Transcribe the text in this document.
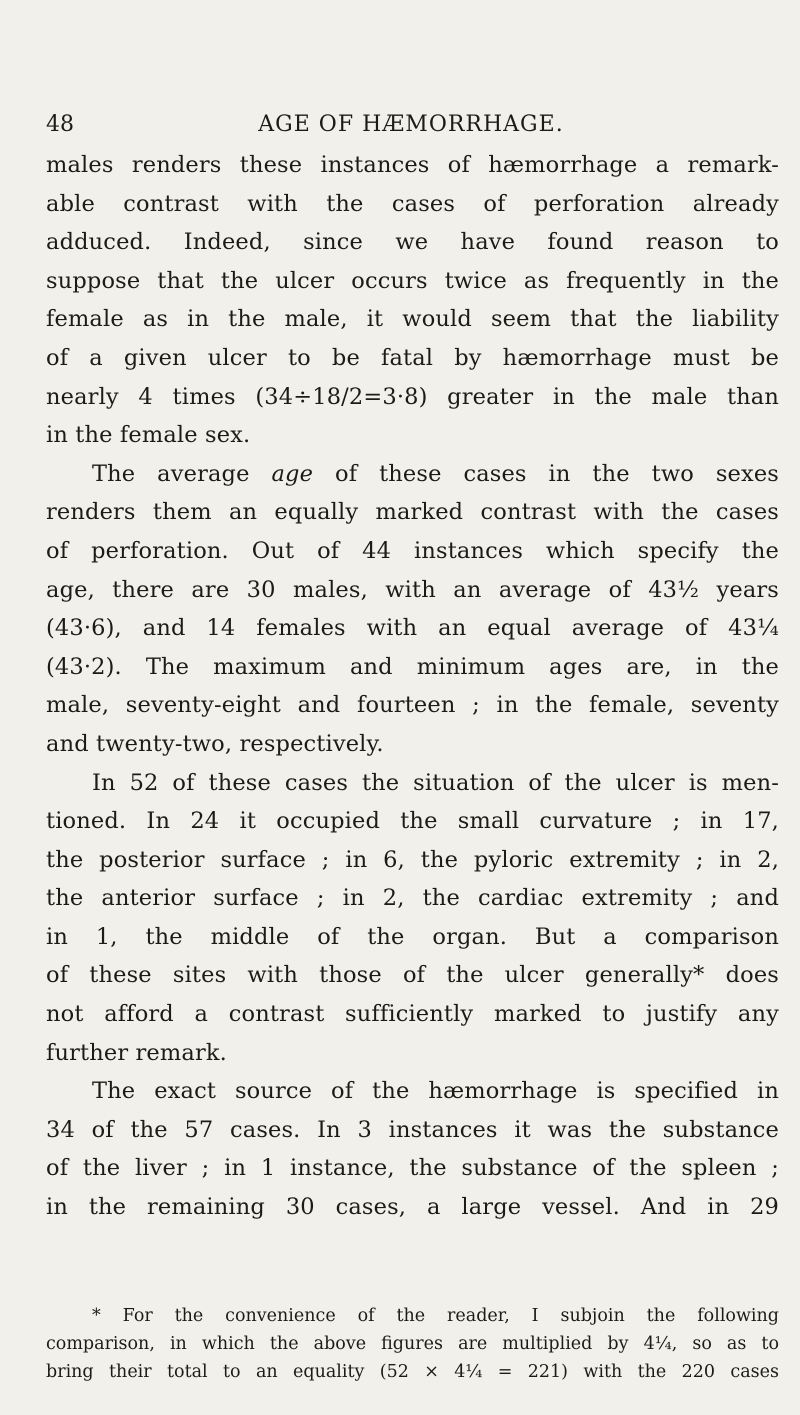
48	AGE OF HÆMORRHAGE.
males renders these instances of hæmorrhage a remark-
able contrast with the cases of perforation already
adduced. Indeed, since we have found reason to
suppose that the ulcer occurs twice as frequently in the
female as in the male, it would seem that the liability
of a given ulcer to be fatal by hæmorrhage must be
nearly 4 times (34÷18/2=3·8) greater in the male than
in the female sex.
The average age of these cases in the two sexes
renders them an equally marked contrast with the cases
of perforation. Out of 44 instances which specify the
age, there are 30 males, with an average of 43½ years
(43·6), and 14 females with an equal average of 43¼
(43·2). The maximum and minimum ages are, in the
male, seventy-eight and fourteen ; in the female, seventy
and twenty-two, respectively.
In 52 of these cases the situation of the ulcer is men-
tioned. In 24 it occupied the small curvature ; in 17,
the posterior surface ; in 6, the pyloric extremity ; in 2,
the anterior surface ; in 2, the cardiac extremity ; and
in 1, the middle of the organ. But a comparison
of these sites with those of the ulcer generally* does
not afford a contrast sufficiently marked to justify any
further remark.
The exact source of the hæmorrhage is specified in
34 of the 57 cases. In 3 instances it was the substance
of the liver ; in 1 instance, the substance of the spleen ;
in the remaining 30 cases, a large vessel. And in 29
* For the convenience of the reader, I subjoin the following
comparison, in which the above figures are multiplied by 4¼, so as to
bring their total to an equality (52 × 4¼ = 221) with the 220 cases
